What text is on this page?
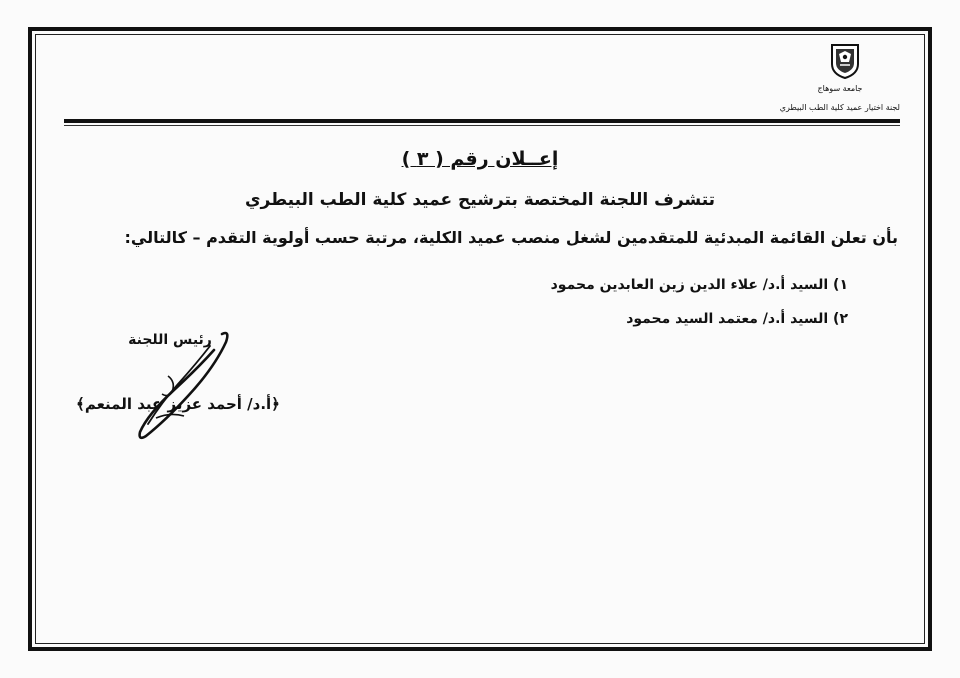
جامعة سوهاج
لجنة اختيار عميد كلية الطب البيطري
إعــلان رقم ( ٣ )
تتشرف اللجنة المختصة بترشيح عميد كلية الطب البيطري
بأن تعلن القائمة المبدئية للمتقدمين لشغل منصب عميد الكلية، مرتبة حسب أولوية التقدم – كالتالي:
١) السيد أ.د/ علاء الدين زين العابدين محمود
٢) السيد أ.د/ معتمد السيد محمود
رئيس اللجنة
﴿أ.د/ أحمد عزيز عبد المنعم﴾
